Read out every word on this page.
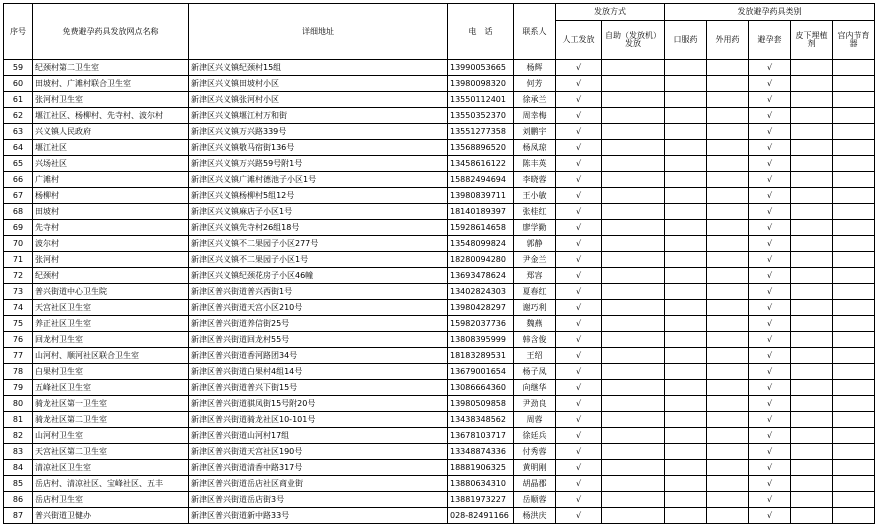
序号	免费避孕药具发放网点名称	详细地址	电　话	联系人	发放方式		发放避孕药具类别				
					人工发放	自助（发放机）发放	口服药	外用药	避孕套	皮下埋植剂	宫内节育器
59	纪颈村第二卫生室	新津区兴义镇纪颈村15组	13990053665	杨辉	√				√		
60	田坡村、广滩村联合卫生室	新津区兴义镇田坡村小区	13980098320	何芳	√				√		
61	张河村卫生室	新津区兴义镇张河村小区	13550112401	徐承兰	√				√		
62	堰江社区、杨柳村、先寺村、波尔村	新津区兴义镇堰江村万和街	13550352370	周幸梅	√				√		
63	兴义镇人民政府	新津区兴义镇万兴路339号	13551277358	刘鹏宇	√				√		
64	堰江社区	新津区兴义镇敬马宿街136号	13568896520	杨凤琼	√				√		
65	兴场社区	新津区兴义镇万兴路59号附1号	13458616122	陈丰英	√				√		
66	广滩村	新津区兴义镇广滩村德池子小区1号	15882494694	李晓蓉	√				√		
67	杨柳村	新津区兴义镇杨柳村5组12号	13980839711	王小敏	√				√		
68	田坡村	新津区兴义镇麻店子小区1号	18140189397	张桂红	√				√		
69	先寺村	新津区兴义镇先寺村26组18号	15928614658	廖学勤	√				√		
70	波尔村	新津区兴义镇不二果园子小区277号	13548099824	郭静	√				√		
71	张河村	新津区兴义镇不二果园子小区1号	18280094280	尹金兰	√				√		
72	纪颈村	新津区兴义镇纪颈花房子小区46幢	13693478624	郑容	√				√		
73	普兴街道中心卫生院	新津区普兴街道普兴西街1号	13402824303	夏春红	√				√		
74	天宫社区卫生室	新津区普兴街道天宫小区210号	13980428297	谢巧利	√				√		
75	养正社区卫生室	新津区普兴街道养信街25号	15982037736	魏燕	√				√		
76	回龙村卫生室	新津区普兴街道回龙村55号	13808395999	韩含俊	√				√		
77	山河村、顺河社区联合卫生室	新津区普兴街道香河路团34号	18183289531	王绍	√				√		
78	白果村卫生室	新津区普兴街道白果村4组14号	13679001654	杨子凤	√				√		
79	五峰社区卫生室	新津区普兴街道普兴下街15号	13086664360	向继华	√				√		
80	骑龙社区第一卫生室	新津区普兴街道骐凤街15号附20号	13980509858	尹劲良	√				√		
81	骑龙社区第二卫生室	新津区普兴街道骑龙社区10-101号	13438348562	周蓉	√				√		
82	山河村卫生室	新津区普兴街道山河村17组	13678103717	徐廷兵	√				√		
83	天宫社区第二卫生室	新津区普兴街道天宫社区190号	13348874336	付秀蓉	√				√		
84	清凉社区卫生室	新津区普兴街道清香中路317号	18881906325	黄明刚	√				√		
85	岳店村、清凉社区、宝峰社区、五丰	新津区普兴街道岳店社区商业街	13880634310	胡晶郡	√				√		
86	岳店村卫生室	新津区普兴街道岳店街3号	13881973227	岳顺蓉	√				√		
87	普兴街道卫健办	新津区普兴街道新中路33号	028-82491166	杨洪庆	√				√		
